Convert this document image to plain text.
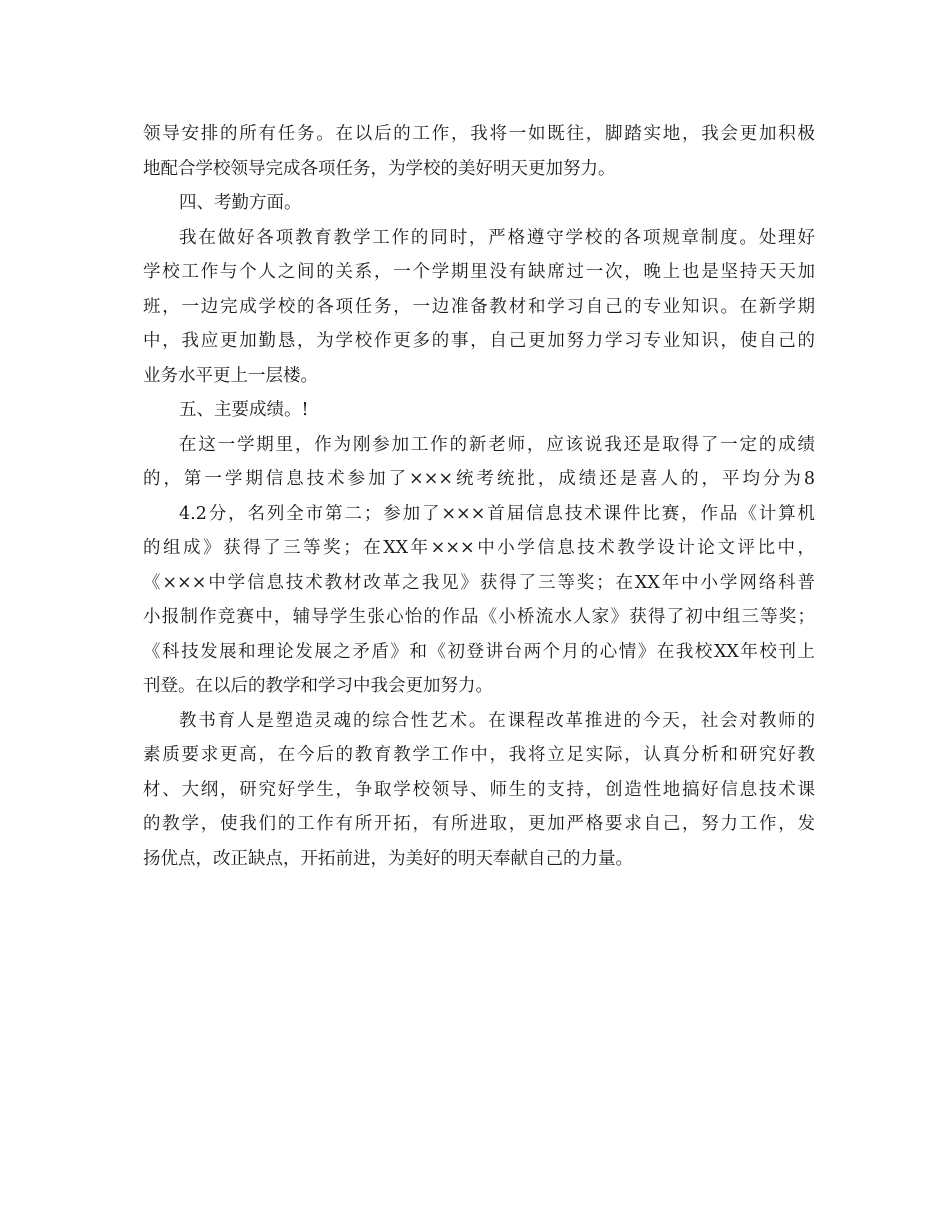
领导安排的所有任务。在以后的工作，我将一如既往，脚踏实地，我会更加积极
地配合学校领导完成各项任务，为学校的美好明天更加努力。
四、考勤方面。
我在做好各项教育教学工作的同时，严格遵守学校的各项规章制度。处理好
学校工作与个人之间的关系，一个学期里没有缺席过一次，晚上也是坚持天天加
班，一边完成学校的各项任务，一边准备教材和学习自己的专业知识。在新学期
中，我应更加勤恳，为学校作更多的事，自己更加努力学习专业知识，使自己的
业务水平更上一层楼。
五、主要成绩。!
在这一学期里，作为刚参加工作的新老师，应该说我还是取得了一定的成绩
的，第一学期信息技术参加了×××统考统批，成绩还是喜人的，平均分为8
4.2分，名列全市第二；参加了×××首届信息技术课件比赛，作品《计算机
的组成》获得了三等奖；在XX年×××中小学信息技术教学设计论文评比中，
《×××中学信息技术教材改革之我见》获得了三等奖；在XX年中小学网络科普
小报制作竞赛中，辅导学生张心怡的作品《小桥流水人家》获得了初中组三等奖；
《科技发展和理论发展之矛盾》和《初登讲台两个月的心情》在我校XX年校刊上
刊登。在以后的教学和学习中我会更加努力。
教书育人是塑造灵魂的综合性艺术。在课程改革推进的今天，社会对教师的
素质要求更高，在今后的教育教学工作中，我将立足实际，认真分析和研究好教
材、大纲，研究好学生，争取学校领导、师生的支持，创造性地搞好信息技术课
的教学，使我们的工作有所开拓，有所进取，更加严格要求自己，努力工作，发
扬优点，改正缺点，开拓前进，为美好的明天奉献自己的力量。
